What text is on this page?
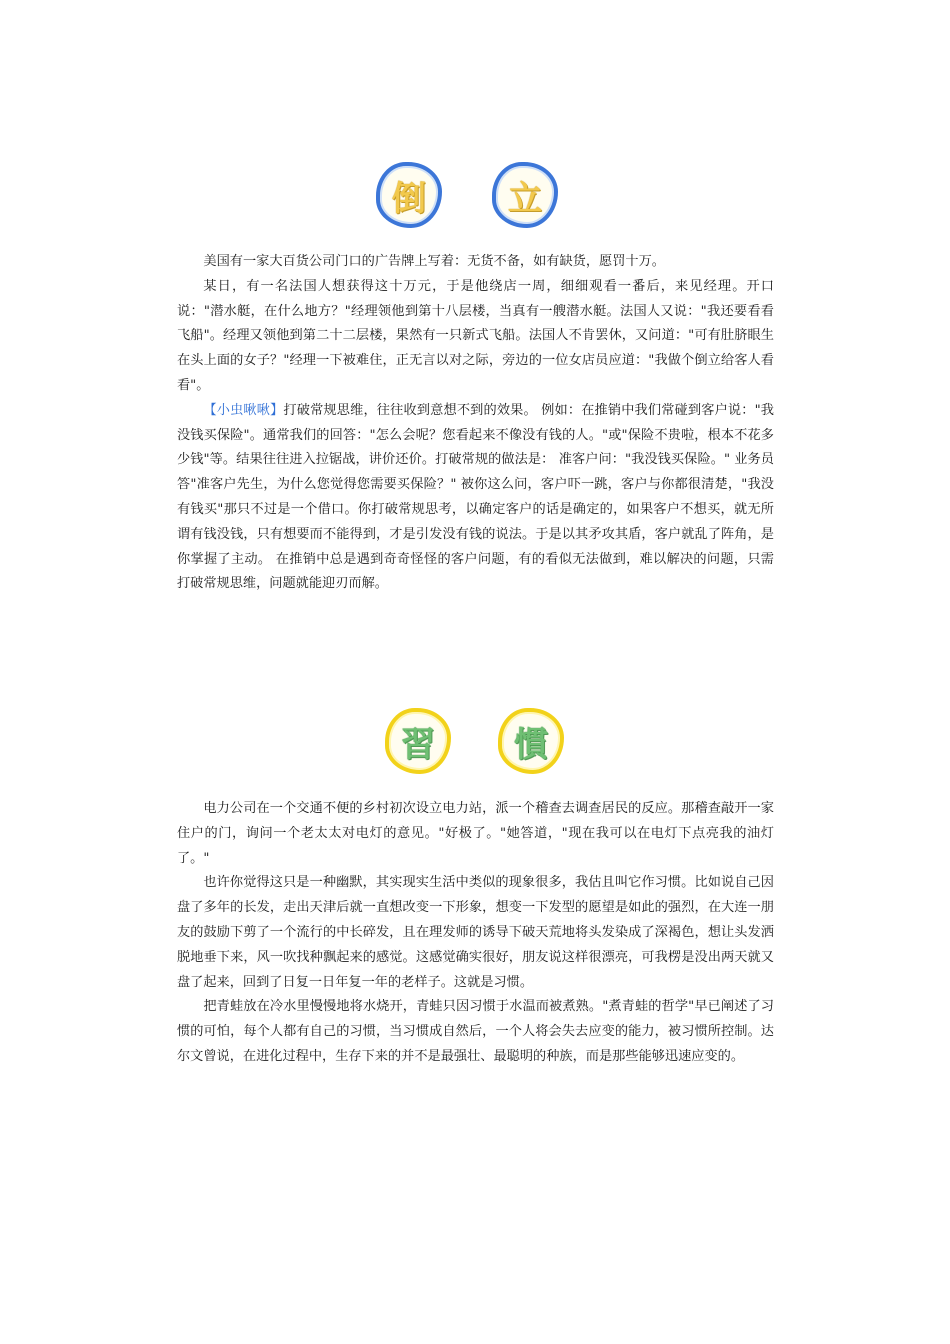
倒	立

美国有一家大百货公司门口的广告牌上写着：无货不备，如有缺货，愿罚十万。

某日，有一名法国人想获得这十万元，于是他绕店一周，细细观看一番后，来见经理。开口说："潜水艇，在什么地方？"经理领他到第十八层楼，当真有一艘潜水艇。法国人又说："我还要看看飞船"。经理又领他到第二十二层楼，果然有一只新式飞船。法国人不肯罢休，又问道："可有肚脐眼生在头上面的女子？"经理一下被难住，正无言以对之际，旁边的一位女店员应道："我做个倒立给客人看看"。

【小虫啾啾】打破常规思维，往往收到意想不到的效果。 例如：在推销中我们常碰到客户说："我没钱买保险"。通常我们的回答："怎么会呢？您看起来不像没有钱的人。"或"保险不贵啦，根本不花多少钱"等。结果往往进入拉锯战，讲价还价。打破常规的做法是： 准客户问："我没钱买保险。" 业务员答"准客户先生，为什么您觉得您需要买保险？" 被你这么问，客户吓一跳，客户与你都很清楚，"我没有钱买"那只不过是一个借口。你打破常规思考，以确定客户的话是确定的，如果客户不想买，就无所谓有钱没钱，只有想要而不能得到，才是引发没有钱的说法。于是以其矛攻其盾，客户就乱了阵角，是你掌握了主动。 在推销中总是遇到奇奇怪怪的客户问题，有的看似无法做到，难以解决的问题，只需打破常规思维，问题就能迎刃而解。

習	慣

电力公司在一个交通不便的乡村初次设立电力站，派一个稽查去调查居民的反应。那稽查敲开一家住户的门，询问一个老太太对电灯的意见。"好极了。"她答道，"现在我可以在电灯下点亮我的油灯了。"

也许你觉得这只是一种幽默，其实现实生活中类似的现象很多，我估且叫它作习惯。比如说自己因盘了多年的长发，走出天津后就一直想改变一下形象，想变一下发型的愿望是如此的强烈，在大连一朋友的鼓励下剪了一个流行的中长碎发，且在理发师的诱导下破天荒地将头发染成了深褐色，想让头发洒脱地垂下来，风一吹找种飘起来的感觉。这感觉确实很好，朋友说这样很漂亮，可我楞是没出两天就又盘了起来，回到了日复一日年复一年的老样子。这就是习惯。

把青蛙放在冷水里慢慢地将水烧开，青蛙只因习惯于水温而被煮熟。"煮青蛙的哲学"早已阐述了习惯的可怕，每个人都有自己的习惯，当习惯成自然后，一个人将会失去应变的能力，被习惯所控制。达尔文曾说，在进化过程中，生存下来的并不是最强壮、最聪明的种族，而是那些能够迅速应变的。
